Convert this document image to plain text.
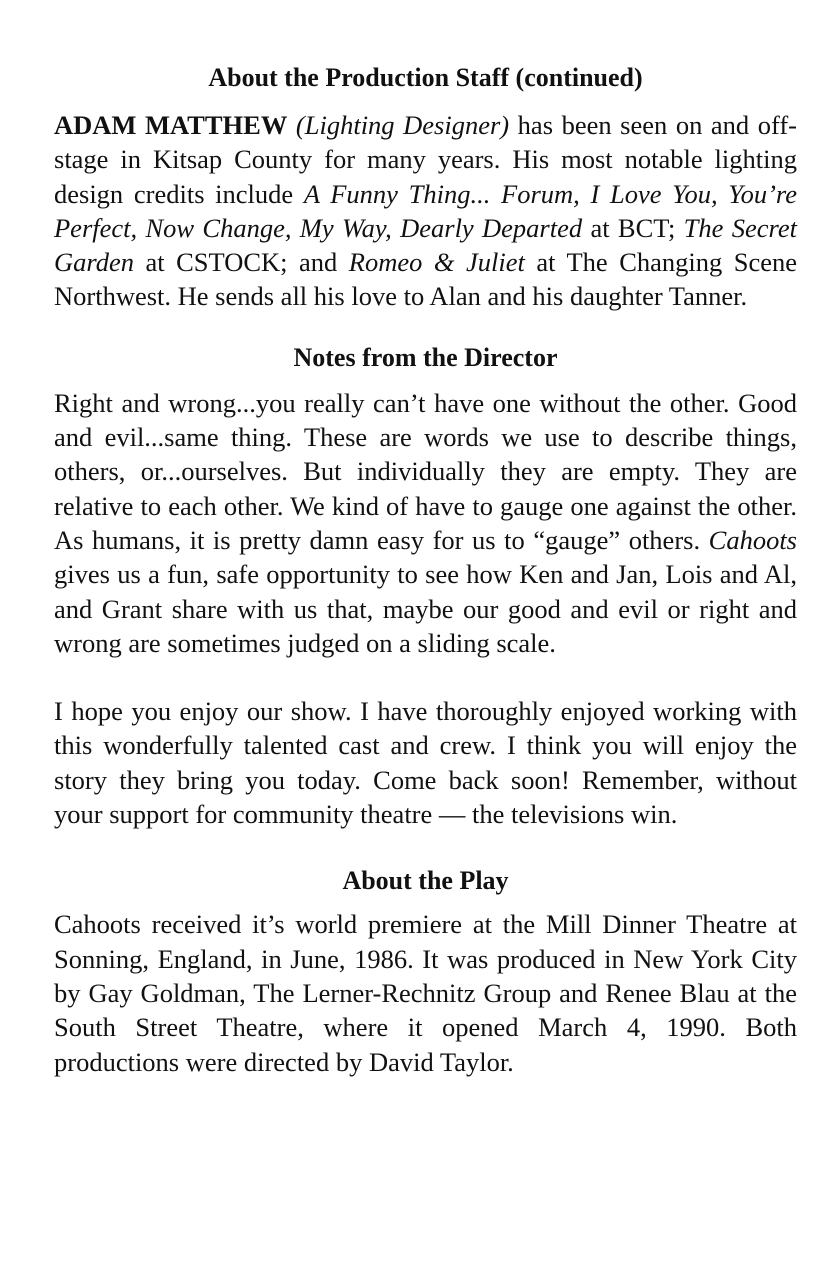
About the Production Staff (continued)

ADAM MATTHEW (Lighting Designer) has been seen on and off-stage in Kitsap County for many years. His most notable lighting design credits include A Funny Thing... Forum, I Love You, You’re Perfect, Now Change, My Way, Dearly Departed at BCT; The Secret Garden at CSTOCK; and Romeo & Juliet at The Changing Scene Northwest. He sends all his love to Alan and his daughter Tanner.

Notes from the Director

Right and wrong...you really can’t have one without the other. Good and evil...same thing. These are words we use to describe things, others, or...ourselves. But individually they are empty. They are relative to each other. We kind of have to gauge one against the other. As humans, it is pretty damn easy for us to “gauge” others. Cahoots gives us a fun, safe opportunity to see how Ken and Jan, Lois and Al, and Grant share with us that, maybe our good and evil or right and wrong are sometimes judged on a sliding scale.

I hope you enjoy our show. I have thoroughly enjoyed working with this wonderfully talented cast and crew. I think you will enjoy the story they bring you today. Come back soon! Remember, without your support for community theatre — the televisions win.

About the Play

Cahoots received it’s world premiere at the Mill Dinner Theatre at Sonning, England, in June, 1986. It was produced in New York City by Gay Goldman, The Lerner-Rechnitz Group and Renee Blau at the South Street Theatre, where it opened March 4, 1990. Both productions were directed by David Taylor.
